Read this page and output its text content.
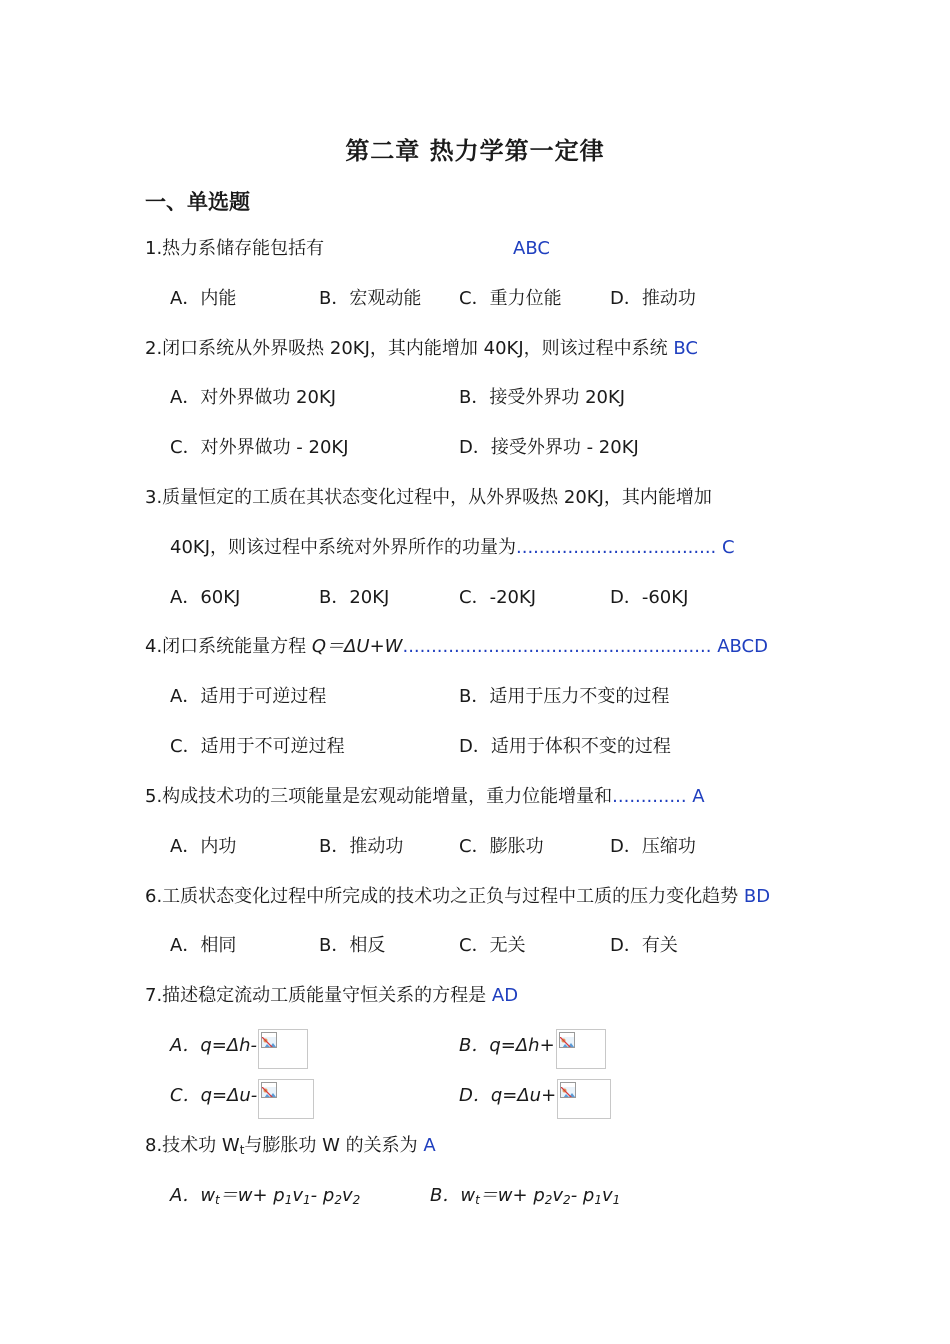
第二章 热力学第一定律
一、单选题
1.热力系储存能包括有	ABC
A．内能	B．宏观动能 C．重力位能	D．推动功
2.闭口系统从外界吸热 20KJ，其内能增加 40KJ，则该过程中系统 BC
A．对外界做功 20KJ	B．接受外界功 20KJ
C．对外界做功 - 20KJ	D．接受外界功 - 20KJ
3.质量恒定的工质在其状态变化过程中，从外界吸热 20KJ，其内能增加
40KJ，则该过程中系统对外界所作的功量为................................... C
A．60KJ	B．20KJ	C．-20KJ	D．-60KJ
4.闭口系统能量方程 Q＝ΔU+W...................................................... ABCD
A．适用于可逆过程	B．适用于压力不变的过程
C．适用于不可逆过程	D．适用于体积不变的过程
5.构成技术功的三项能量是宏观动能增量，重力位能增量和............. A
A．内功	B．推动功	C．膨胀功	D．压缩功
6.工质状态变化过程中所完成的技术功之正负与过程中工质的压力变化趋势 BD
A．相同	B．相反	C．无关	D．有关
7.描述稳定流动工质能量守恒关系的方程是 AD
A．q=Δh-	B．q=Δh+
C．q=Δu-	D．q=Δu+
8.技术功 $W_t$与膨胀功 W 的关系为 A
A．$w_t=w+ p_1v_1-$ $p_2v_2$	B．$w_t=w+ p_2v_2-$ $p_1v_1$
